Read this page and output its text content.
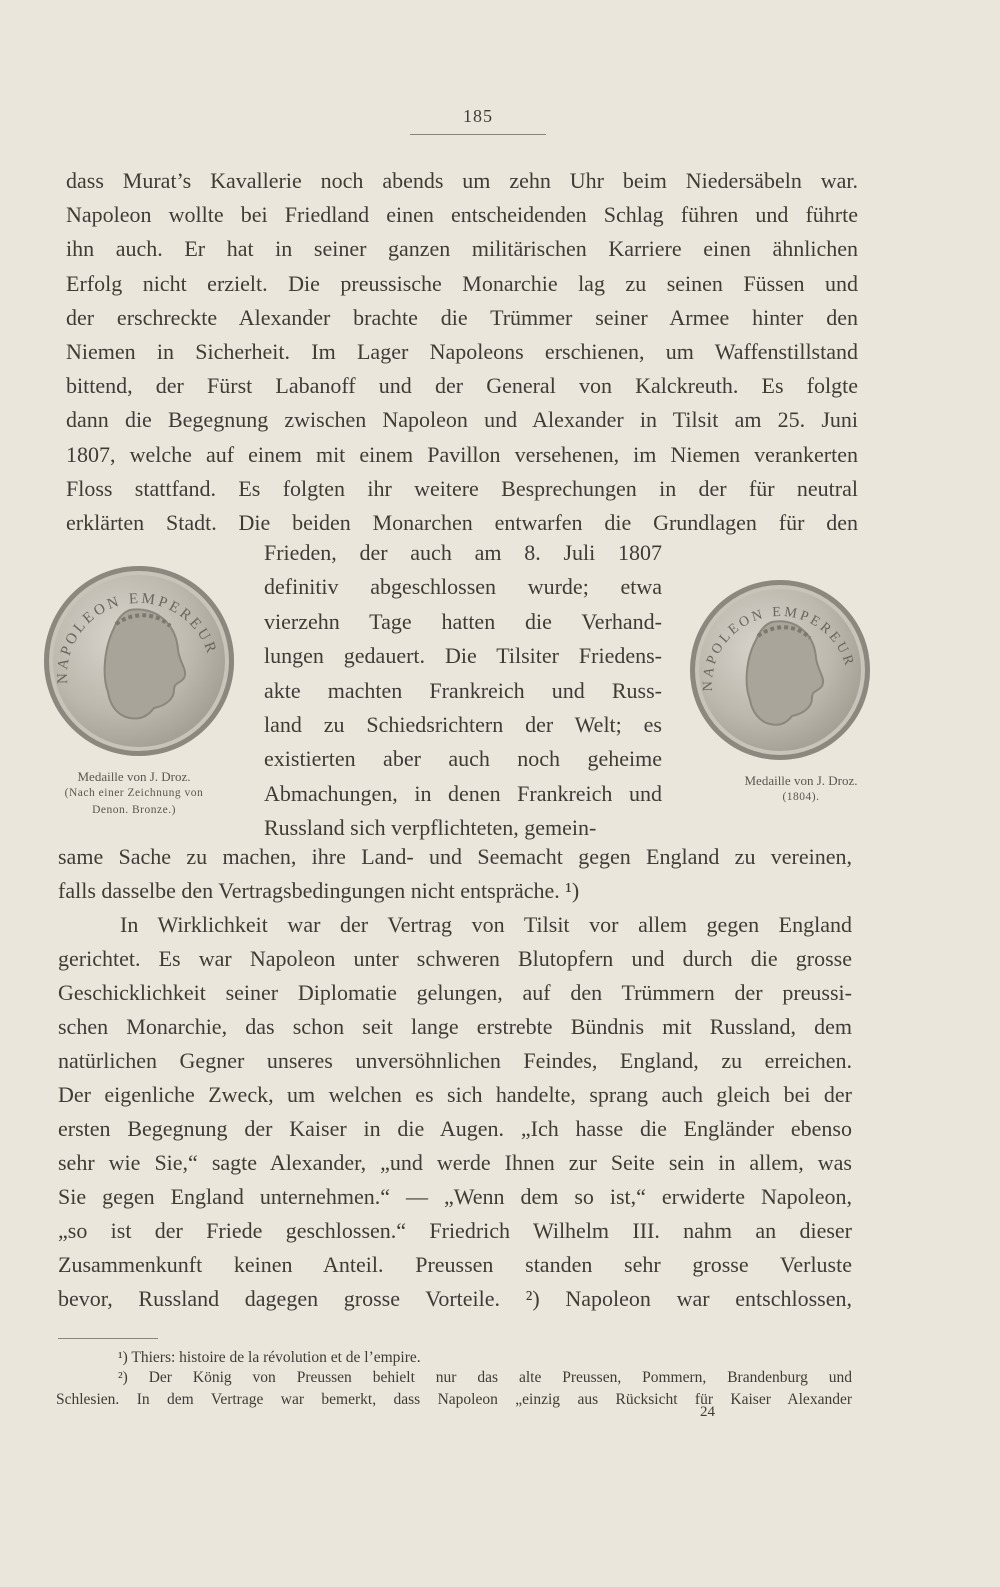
185
dass Murat’s Kavallerie noch abends um zehn Uhr beim Niedersäbeln war.
Napoleon wollte bei Friedland einen entscheidenden Schlag führen und führte
ihn auch. Er hat in seiner ganzen militärischen Karriere einen ähnlichen
Erfolg nicht erzielt. Die preussische Monarchie lag zu seinen Füssen und
der erschreckte Alexander brachte die Trümmer seiner Armee hinter den
Niemen in Sicherheit. Im Lager Napoleons erschienen, um Waffenstillstand
bittend, der Fürst Labanoff und der General von Kalckreuth. Es folgte
dann die Begegnung zwischen Napoleon und Alexander in Tilsit am 25. Juni
1807, welche auf einem mit einem Pavillon versehenen, im Niemen verankerten
Floss stattfand. Es folgten ihr weitere Besprechungen in der für neutral
erklärten Stadt. Die beiden Monarchen entwarfen die Grundlagen für den
Frieden, der auch am 8. Juli 1807
definitiv abgeschlossen wurde; etwa
vierzehn Tage hatten die Verhand-
lungen gedauert. Die Tilsiter Friedens-
akte machten Frankreich und Russ-
land zu Schiedsrichtern der Welt; es
existierten aber auch noch geheime
Abmachungen, in denen Frankreich und
Russland sich verpflichteten, gemein-
same Sache zu machen, ihre Land- und Seemacht gegen England zu vereinen,
falls dasselbe den Vertragsbedingungen nicht entspräche. ¹)
In Wirklichkeit war der Vertrag von Tilsit vor allem gegen England
gerichtet. Es war Napoleon unter schweren Blutopfern und durch die grosse
Geschicklichkeit seiner Diplomatie gelungen, auf den Trümmern der preussi-
schen Monarchie, das schon seit lange erstrebte Bündnis mit Russland, dem
natürlichen Gegner unseres unversöhnlichen Feindes, England, zu erreichen.
Der eigenliche Zweck, um welchen es sich handelte, sprang auch gleich bei der
ersten Begegnung der Kaiser in die Augen. „Ich hasse die Engländer ebenso
sehr wie Sie,“ sagte Alexander, „und werde Ihnen zur Seite sein in allem, was
Sie gegen England unternehmen.“ — „Wenn dem so ist,“ erwiderte Napoleon,
„so ist der Friede geschlossen.“ Friedrich Wilhelm III. nahm an dieser
Zusammenkunft keinen Anteil. Preussen standen sehr grosse Verluste
bevor, Russland dagegen grosse Vorteile. ²) Napoleon war entschlossen,
NAPOLEON EMPEREUR
Medaille von J. Droz.
(Nach einer Zeichnung von
Denon. Bronze.)
NAPOLEON EMPEREUR
Medaille von J. Droz.
(1804).
¹) Thiers: histoire de la révolution et de l’empire.
²) Der König von Preussen behielt nur das alte Preussen, Pommern, Brandenburg und
Schlesien. In dem Vertrage war bemerkt, dass Napoleon „einzig aus Rücksicht für Kaiser Alexander
24
